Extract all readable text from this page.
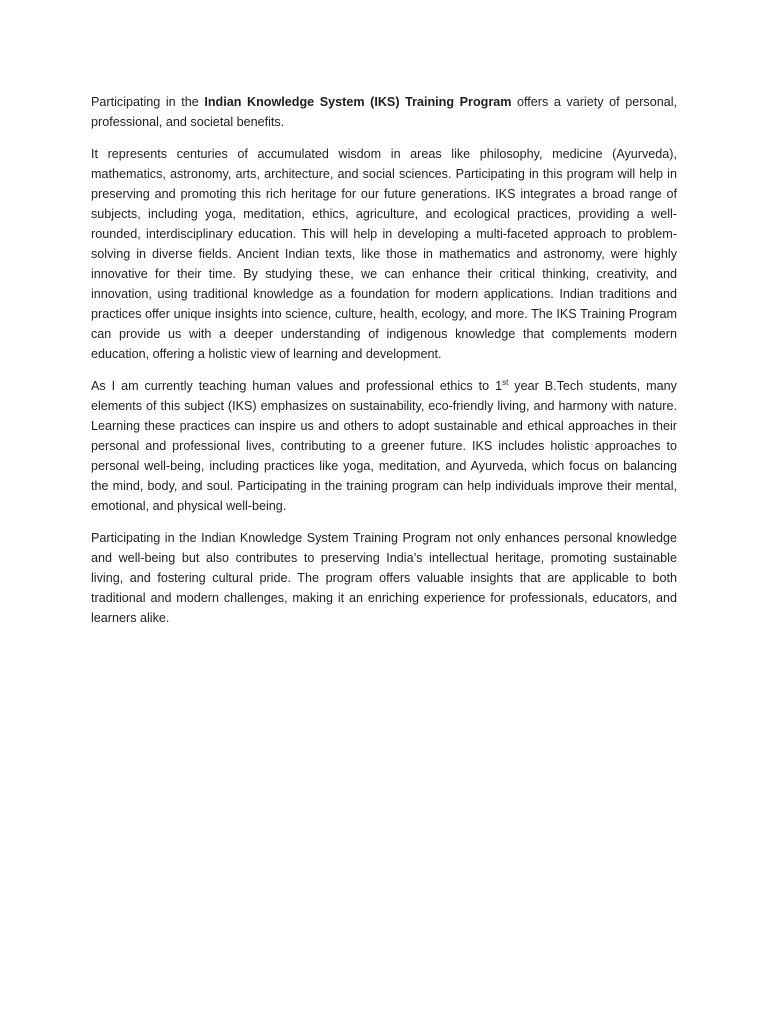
Participating in the Indian Knowledge System (IKS) Training Program offers a variety of personal, professional, and societal benefits.

It represents centuries of accumulated wisdom in areas like philosophy, medicine (Ayurveda), mathematics, astronomy, arts, architecture, and social sciences. Participating in this program will help in preserving and promoting this rich heritage for our future generations. IKS integrates a broad range of subjects, including yoga, meditation, ethics, agriculture, and ecological practices, providing a well-rounded, interdisciplinary education. This will help in developing a multi-faceted approach to problem-solving in diverse fields. Ancient Indian texts, like those in mathematics and astronomy, were highly innovative for their time. By studying these, we can enhance their critical thinking, creativity, and innovation, using traditional knowledge as a foundation for modern applications. Indian traditions and practices offer unique insights into science, culture, health, ecology, and more. The IKS Training Program can provide us with a deeper understanding of indigenous knowledge that complements modern education, offering a holistic view of learning and development.

As I am currently teaching human values and professional ethics to 1st year B.Tech students, many elements of this subject (IKS) emphasizes on sustainability, eco-friendly living, and harmony with nature. Learning these practices can inspire us and others to adopt sustainable and ethical approaches in their personal and professional lives, contributing to a greener future. IKS includes holistic approaches to personal well-being, including practices like yoga, meditation, and Ayurveda, which focus on balancing the mind, body, and soul. Participating in the training program can help individuals improve their mental, emotional, and physical well-being.

Participating in the Indian Knowledge System Training Program not only enhances personal knowledge and well-being but also contributes to preserving India’s intellectual heritage, promoting sustainable living, and fostering cultural pride. The program offers valuable insights that are applicable to both traditional and modern challenges, making it an enriching experience for professionals, educators, and learners alike.
